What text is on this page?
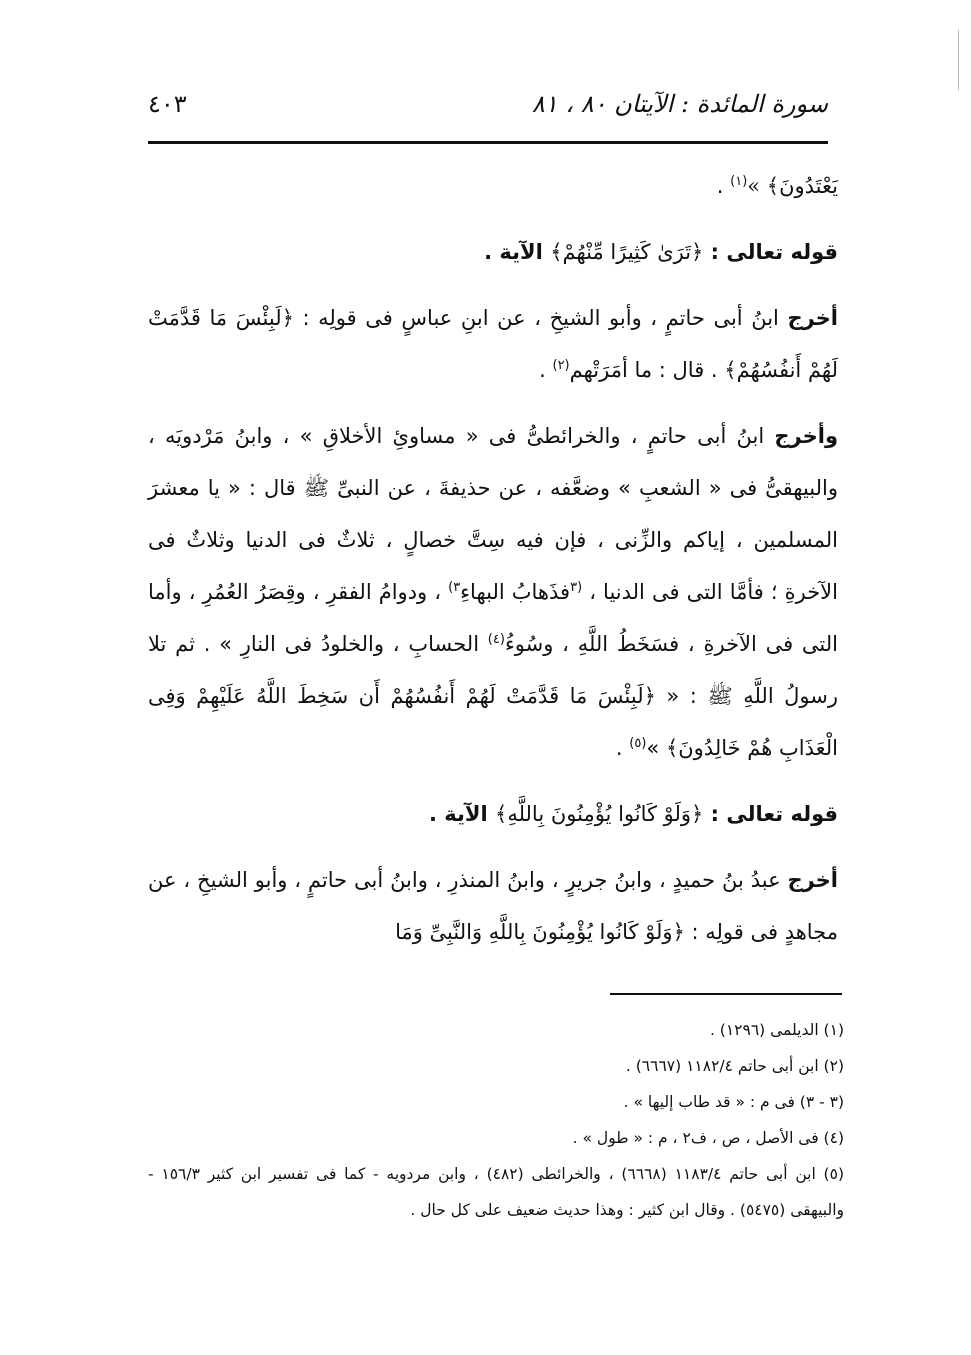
سورة المائدة : الآيتان ٨٠ ، ٨١
٤٠٣

يَعْتَدُونَ﴾ »$^{(١)}$ .

قوله تعالى : ﴿تَرَىٰ كَثِيرًا مِّنْهُمْ﴾ الآية .

أخرج ابنُ أبى حاتمٍ ، وأبو الشيخِ ، عن ابنِ عباسٍ فى قولِه : ﴿لَبِئْسَ مَا قَدَّمَتْ لَهُمْ أَنفُسُهُمْ﴾ . قال : ما أمَرَتْهم$^{(٢)}$ .

وأخرج ابنُ أبى حاتمٍ ، والخرائطىُّ فى « مساوئِ الأخلاقِ » ، وابنُ مَرْدويَه ، والبيهقىُّ فى « الشعبِ » وضعَّفه ، عن حذيفةَ ، عن النبىِّ ﷺ قال : « يا معشرَ المسلمين ، إياكم والزِّنى ، فإن فيه سِتَّ خصالٍ ، ثلاثٌ فى الدنيا وثلاثٌ فى الآخرةِ ؛ فأمَّا التى فى الدنيا ، $^{(٣}$فذَهابُ البهاءِ$^{٣)}$ ، ودوامُ الفقرِ ، وقِصَرُ العُمُرِ ، وأما التى فى الآخرةِ ، فسَخَطُ اللَّهِ ، وسُوءُ$^{(٤)}$ الحسابِ ، والخلودُ فى النارِ » . ثم تلا رسولُ اللَّهِ ﷺ : « ﴿لَبِئْسَ مَا قَدَّمَتْ لَهُمْ أَنفُسُهُمْ أَن سَخِطَ اللَّهُ عَلَيْهِمْ وَفِى الْعَذَابِ هُمْ خَالِدُونَ﴾ »$^{(٥)}$ .

قوله تعالى : ﴿وَلَوْ كَانُوا يُؤْمِنُونَ بِاللَّهِ﴾ الآية .

أخرج عبدُ بنُ حميدٍ ، وابنُ جريرٍ ، وابنُ المنذرِ ، وابنُ أبى حاتمٍ ، وأبو الشيخِ ، عن مجاهدٍ فى قولِه : ﴿وَلَوْ كَانُوا يُؤْمِنُونَ بِاللَّهِ وَالنَّبِىِّ وَمَا

(١) الديلمى (١٢٩٦) .

(٢) ابن أبى حاتم ١١٨٢/٤ (٦٦٦٧) .

(٣ - ٣) فى م : « قد طاب إليها » .

(٤) فى الأصل ، ص ، ف٢ ، م : « طول » .

(٥) ابن أبى حاتم ١١٨٣/٤ (٦٦٦٨) ، والخرائطى (٤٨٢) ، وابن مردويه - كما فى تفسير ابن كثير ١٥٦/٣ - والبيهقى (٥٤٧٥) . وقال ابن كثير : وهذا حديث ضعيف على كل حال .
